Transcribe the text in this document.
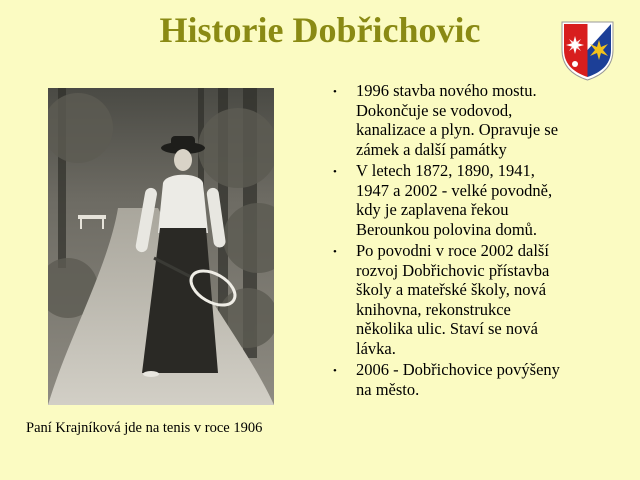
Historie Dobřichovic
Paní Krajníková jde na tenis v roce 1906
• 1996 stavba nového mostu.
Dokončuje se vodovod,
kanalizace a plyn. Opravuje se
zámek a další památky
• V letech 1872, 1890, 1941,
1947 a 2002 - velké povodně,
kdy je zaplavena řekou
Berounkou polovina domů.
• Po povodni v roce 2002 další
rozvoj Dobřichovic přístavba
školy a mateřské školy, nová
knihovna, rekonstrukce
několika ulic. Staví se nová
lávka.
• 2006 - Dobřichovice povýšeny
na město.
